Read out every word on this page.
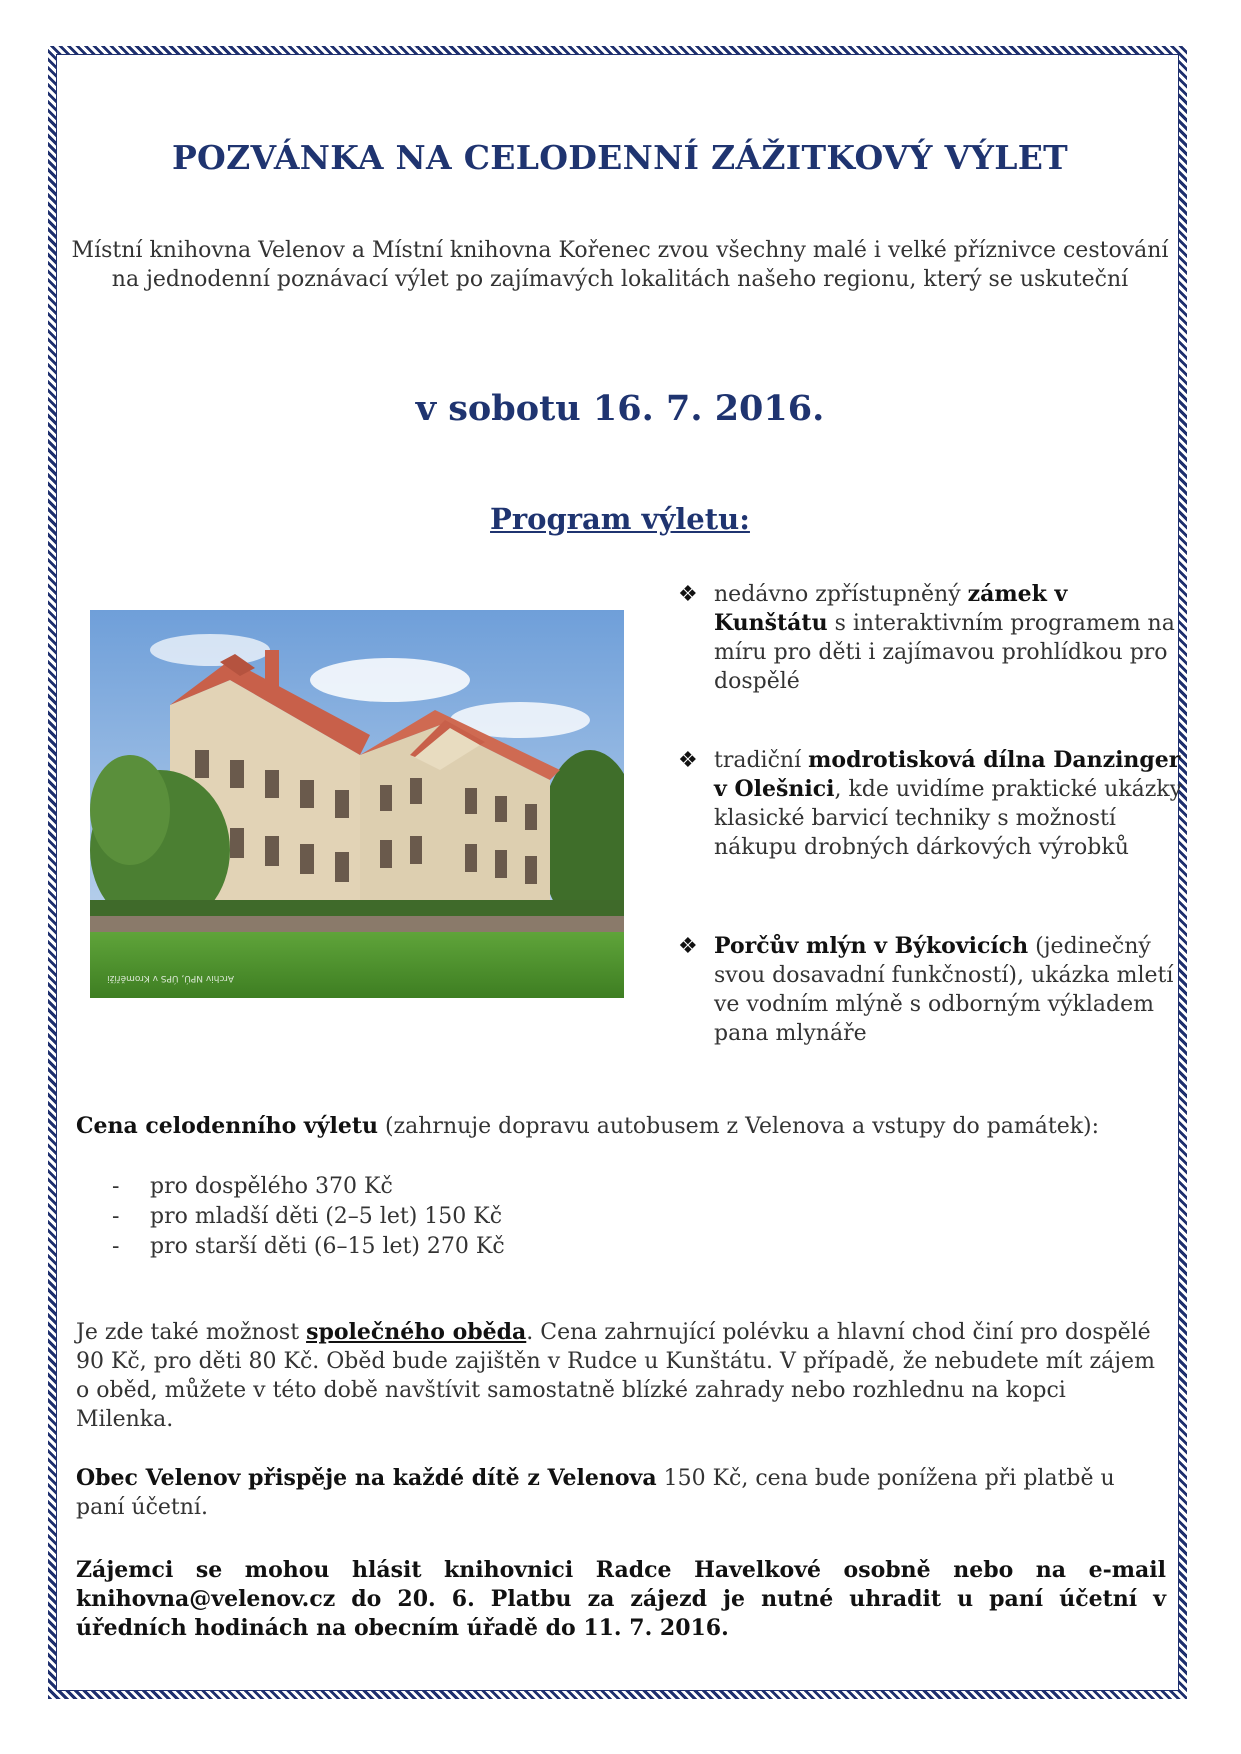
POZVÁNKA NA CELODENNÍ ZÁŽITKOVÝ VÝLET

Místní knihovna Velenov a Místní knihovna Kořenec zvou všechny malé i velké příznivce cestování na jednodenní poznávací výlet po zajímavých lokalitách našeho regionu, který se uskuteční

v sobotu 16. 7. 2016.
Program výletu:
Archiv NPÚ, ÚPS v Kroměříži
❖ nedávno zpřístupněný zámek v Kunštátu s interaktivním programem na míru pro děti i zajímavou prohlídkou pro dospělé
❖ tradiční modrotisková dílna Danzinger v Olešnici, kde uvidíme praktické ukázky klasické barvicí techniky s možností nákupu drobných dárkových výrobků
❖ Porčův mlýn v Býkovicích (jedinečný svou dosavadní funkčností), ukázka mletí ve vodním mlýně s odborným výkladem pana mlynáře

Cena celodenního výletu (zahrnuje dopravu autobusem z Velenova a vstupy do památek):

- pro dospělého 370 Kč
- pro mladší děti (2–5 let) 150 Kč
- pro starší děti (6–15 let) 270 Kč

Je zde také možnost společného oběda. Cena zahrnující polévku a hlavní chod činí pro dospělé 90 Kč, pro děti 80 Kč. Oběd bude zajištěn v Rudce u Kunštátu. V případě, že nebudete mít zájem o oběd, můžete v této době navštívit samostatně blízké zahrady nebo rozhlednu na kopci Milenka.

Obec Velenov přispěje na každé dítě z Velenova 150 Kč, cena bude ponížena při platbě u paní účetní.

Zájemci se mohou hlásit knihovnici Radce Havelkové osobně nebo na e-mail knihovna@velenov.cz do 20. 6. Platbu za zájezd je nutné uhradit u paní účetní v úředních hodinách na obecním úřadě do 11. 7. 2016.
